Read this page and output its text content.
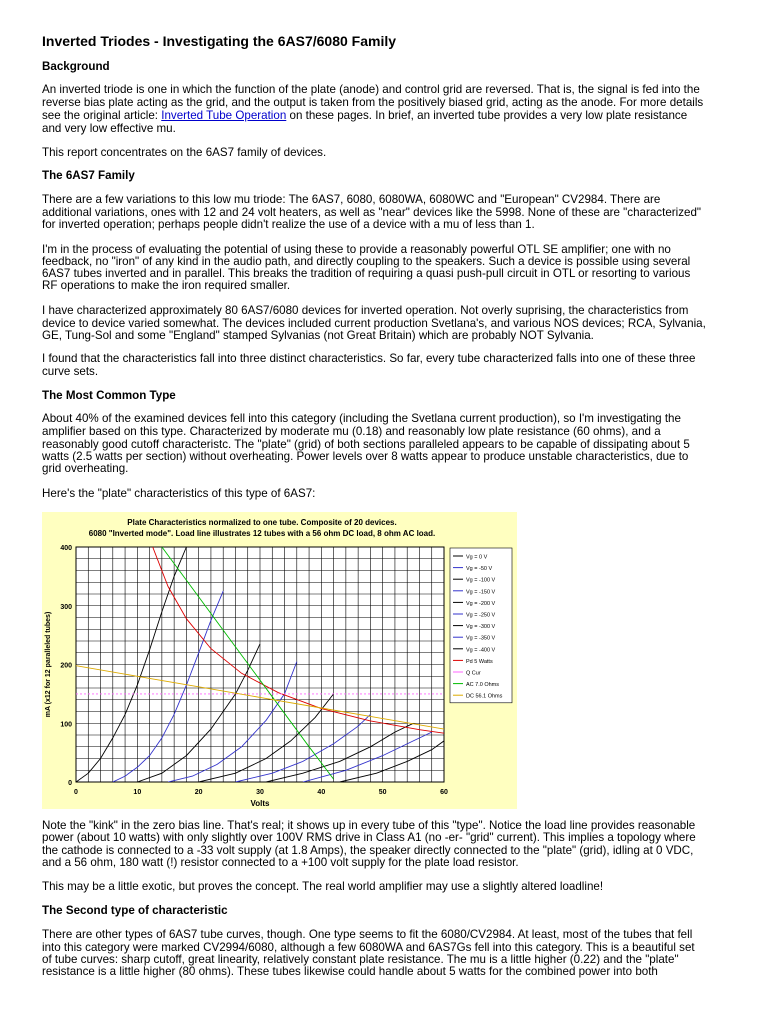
Inverted Triodes - Investigating the 6AS7/6080 Family
Background

An inverted triode is one in which the function of the plate (anode) and control grid are reversed. That is, the signal is fed into the

reverse bias plate acting as the grid, and the output is taken from the positively biased grid, acting as the anode. For more details

see the original article: Inverted Tube Operation on these pages. In brief, an inverted tube provides a very low plate resistance

and very low effective mu.

This report concentrates on the 6AS7 family of devices.

The 6AS7 Family

There are a few variations to this low mu triode: The 6AS7, 6080, 6080WA, 6080WC and "European" CV2984. There are

additional variations, ones with 12 and 24 volt heaters, as well as "near" devices like the 5998. None of these are "characterized"

for inverted operation; perhaps people didn't realize the use of a device with a mu of less than 1.

I'm in the process of evaluating the potential of using these to provide a reasonably powerful OTL SE amplifier; one with no

feedback, no "iron" of any kind in the audio path, and directly coupling to the speakers. Such a device is possible using several

6AS7 tubes inverted and in parallel. This breaks the tradition of requiring a quasi push-pull circuit in OTL or resorting to various

RF operations to make the iron required smaller.

I have characterized approximately 80 6AS7/6080 devices for inverted operation. Not overly suprising, the characteristics from

device to device varied somewhat. The devices included current production Svetlana's, and various NOS devices; RCA, Sylvania,

GE, Tung-Sol and some "England" stamped Sylvanias (not Great Britain) which are probably NOT Sylvania.

I found that the characteristics fall into three distinct characteristics. So far, every tube characterized falls into one of these three

curve sets.

The Most Common Type

About 40% of the examined devices fell into this category (including the Svetlana current production), so I'm investigating the

amplifier based on this type. Characterized by moderate mu (0.18) and reasonably low plate resistance (60 ohms), and a

reasonably good cutoff characteristc. The "plate" (grid) of both sections paralleled appears to be capable of dissipating about 5

watts (2.5 watts per section) without overheating. Power levels over 8 watts appear to produce unstable characteristics, due to

grid overheating.

Here's the "plate" characteristics of this type of 6AS7:

Plate Characteristics normalized to one tube. Composite of 20 devices.
6080 "Inverted mode". Load line illustrates 12 tubes with a 56 ohm DC load, 8 ohm AC load.
0	10	20	30	40	50	60
0
100
200
300
400
Volts
mA (x12 for 12 paralleled tubes)
Vg = 0 V
Vg = -50 V
Vg = -100 V
Vg = -150 V
Vg = -200 V
Vg = -250 V
Vg = -300 V
Vg = -350 V
Vg = -400 V
Pd 5 Watts
Q Cur
AC 7.0 Ohms
DC 56.1 Ohms

Note the "kink" in the zero bias line. That's real; it shows up in every tube of this "type". Notice the load line provides reasonable

power (about 10 watts) with only slightly over 100V RMS drive in Class A1 (no -er- "grid" current). This implies a topology where

the cathode is connected to a -33 volt supply (at 1.8 Amps), the speaker directly connected to the "plate" (grid), idling at 0 VDC,

and a 56 ohm, 180 watt (!) resistor connected to a +100 volt supply for the plate load resistor.

This may be a little exotic, but proves the concept. The real world amplifier may use a slightly altered loadline!

The Second type of characteristic

There are other types of 6AS7 tube curves, though. One type seems to fit the 6080/CV2984. At least, most of the tubes that fell

into this category were marked CV2994/6080, although a few 6080WA and 6AS7Gs fell into this category. This is a beautiful set

of tube curves: sharp cutoff, great linearity, relatively constant plate resistance. The mu is a little higher (0.22) and the "plate"

resistance is a little higher (80 ohms). These tubes likewise could handle about 5 watts for the combined power into both
